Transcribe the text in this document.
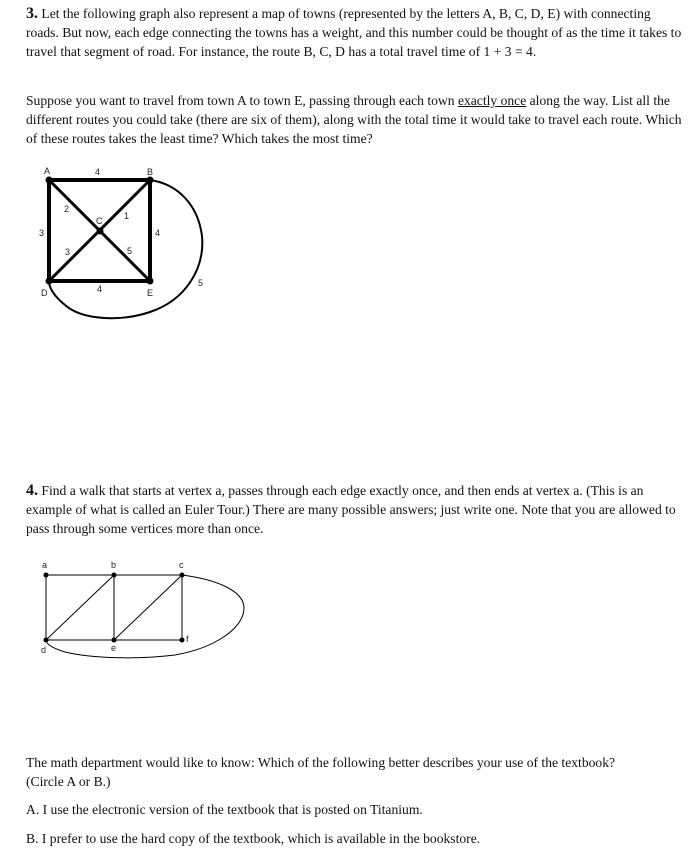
3. Let the following graph also represent a map of towns (represented by the letters A, B, C, D, E) with connecting roads. But now, each edge connecting the towns has a weight, and this number could be thought of as the time it takes to travel that segment of road. For instance, the route B, C, D has a total travel time of 1 + 3 = 4.
Suppose you want to travel from town A to town E, passing through each town exactly once along the way. List all the different routes you could take (there are six of them), along with the total time it would take to travel each route. Which of these routes takes the least time? Which takes the most time?
A	B
C
D	E
4
2
1
3
3	5
4
4
5
4. Find a walk that starts at vertex a, passes through each edge exactly once, and then ends at vertex a. (This is an example of what is called an Euler Tour.) There are many possible answers; just write one. Note that you are allowed to pass through some vertices more than once.
a	b	c
d	e
f
The math department would like to know: Which of the following better describes your use of the textbook? (Circle A or B.)
A. I use the electronic version of the textbook that is posted on Titanium.
B. I prefer to use the hard copy of the textbook, which is available in the bookstore.
